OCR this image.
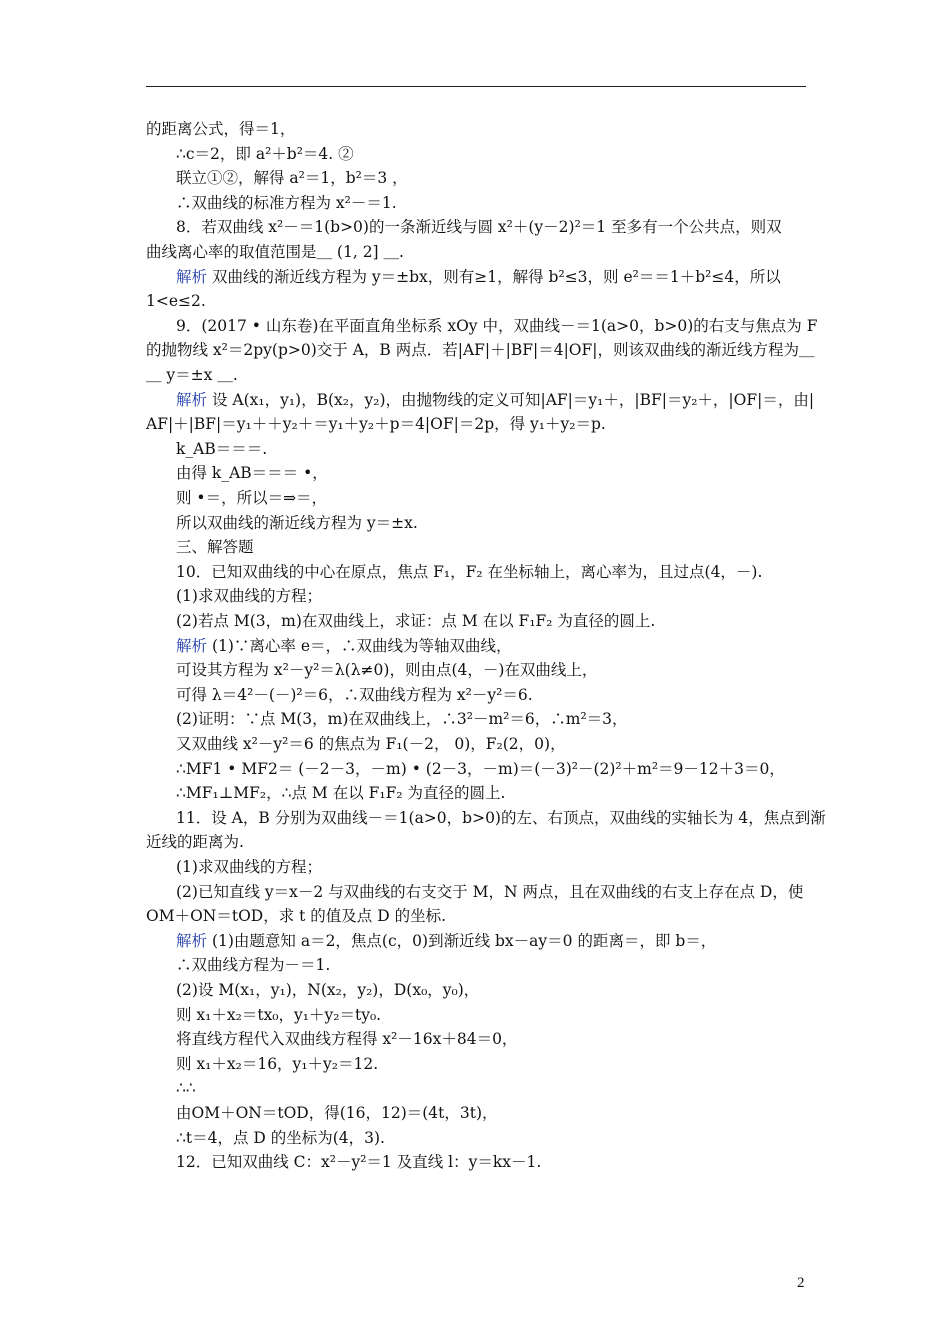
的距离公式，得＝1，
∴c＝2，即 a²＋b²＝4. ②
联立①②，解得 a²＝1，b²＝3 ，
∴双曲线的标准方程为 x²－＝1.
8．若双曲线 x²－＝1(b>0)的一条渐近线与圆 x²＋(y－2)²＝1 至多有一个公共点，则双
曲线离心率的取值范围是＿ (1, 2] ＿.
解析 双曲线的渐近线方程为 y＝±bx，则有≥1，解得 b²≤3，则 e²＝＝1＋b²≤4，所以
1<e≤2.
9．(2017 • 山东卷)在平面直角坐标系 xOy 中，双曲线－＝1(a>0，b>0)的右支与焦点为 F
的抛物线 x²＝2py(p>0)交于 A，B 两点．若|AF|＋|BF|＝4|OF|，则该双曲线的渐近线方程为＿
＿ y＝±x ＿.
解析 设 A(x₁，y₁)，B(x₂，y₂)，由抛物线的定义可知|AF|＝y₁＋，|BF|＝y₂＋，|OF|＝，由|
AF|＋|BF|＝y₁＋＋y₂＋＝y₁＋y₂＋p＝4|OF|＝2p，得 y₁＋y₂＝p.
k_AB＝＝＝.
由得 k_AB＝＝＝ •，
则 •＝，所以＝⇒＝，
所以双曲线的渐近线方程为 y＝±x.
三、解答题
10．已知双曲线的中心在原点，焦点 F₁，F₂ 在坐标轴上，离心率为，且过点(4，－).
(1)求双曲线的方程；
(2)若点 M(3，m)在双曲线上，求证：点 M 在以 F₁F₂ 为直径的圆上.
解析 (1)∵离心率 e＝，∴双曲线为等轴双曲线，
可设其方程为 x²－y²＝λ(λ≠0)，则由点(4，－)在双曲线上，
可得 λ＝4²－(－)²＝6，∴双曲线方程为 x²－y²＝6.
(2)证明：∵点 M(3，m)在双曲线上，∴3²－m²＝6，∴m²＝3，
又双曲线 x²－y²＝6 的焦点为 F₁(－2， 0)，F₂(2，0)，
∴MF1 • MF2＝ (－2－3，－m) • (2－3，－m)＝(－3)²－(2)²＋m²＝9－12＋3＝0，
∴MF₁⊥MF₂，∴点 M 在以 F₁F₂ 为直径的圆上.
11．设 A，B 分别为双曲线－＝1(a>0，b>0)的左、右顶点，双曲线的实轴长为 4，焦点到渐
近线的距离为.
(1)求双曲线的方程；
(2)已知直线 y＝x－2 与双曲线的右支交于 M，N 两点，且在双曲线的右支上存在点 D，使
OM＋ON＝tOD，求 t 的值及点 D 的坐标.
解析 (1)由题意知 a＝2，焦点(c，0)到渐近线 bx－ay＝0 的距离＝，即 b＝，
∴双曲线方程为－＝1.
(2)设 M(x₁，y₁)，N(x₂，y₂)，D(x₀，y₀)，
则 x₁＋x₂＝tx₀，y₁＋y₂＝ty₀.
将直线方程代入双曲线方程得 x²－16x＋84＝0，
则 x₁＋x₂＝16，y₁＋y₂＝12.
∴∴
由OM＋ON＝tOD，得(16，12)＝(4t，3t)，
∴t＝4，点 D 的坐标为(4，3).
12．已知双曲线 C：x²－y²＝1 及直线 l：y＝kx－1.
2
